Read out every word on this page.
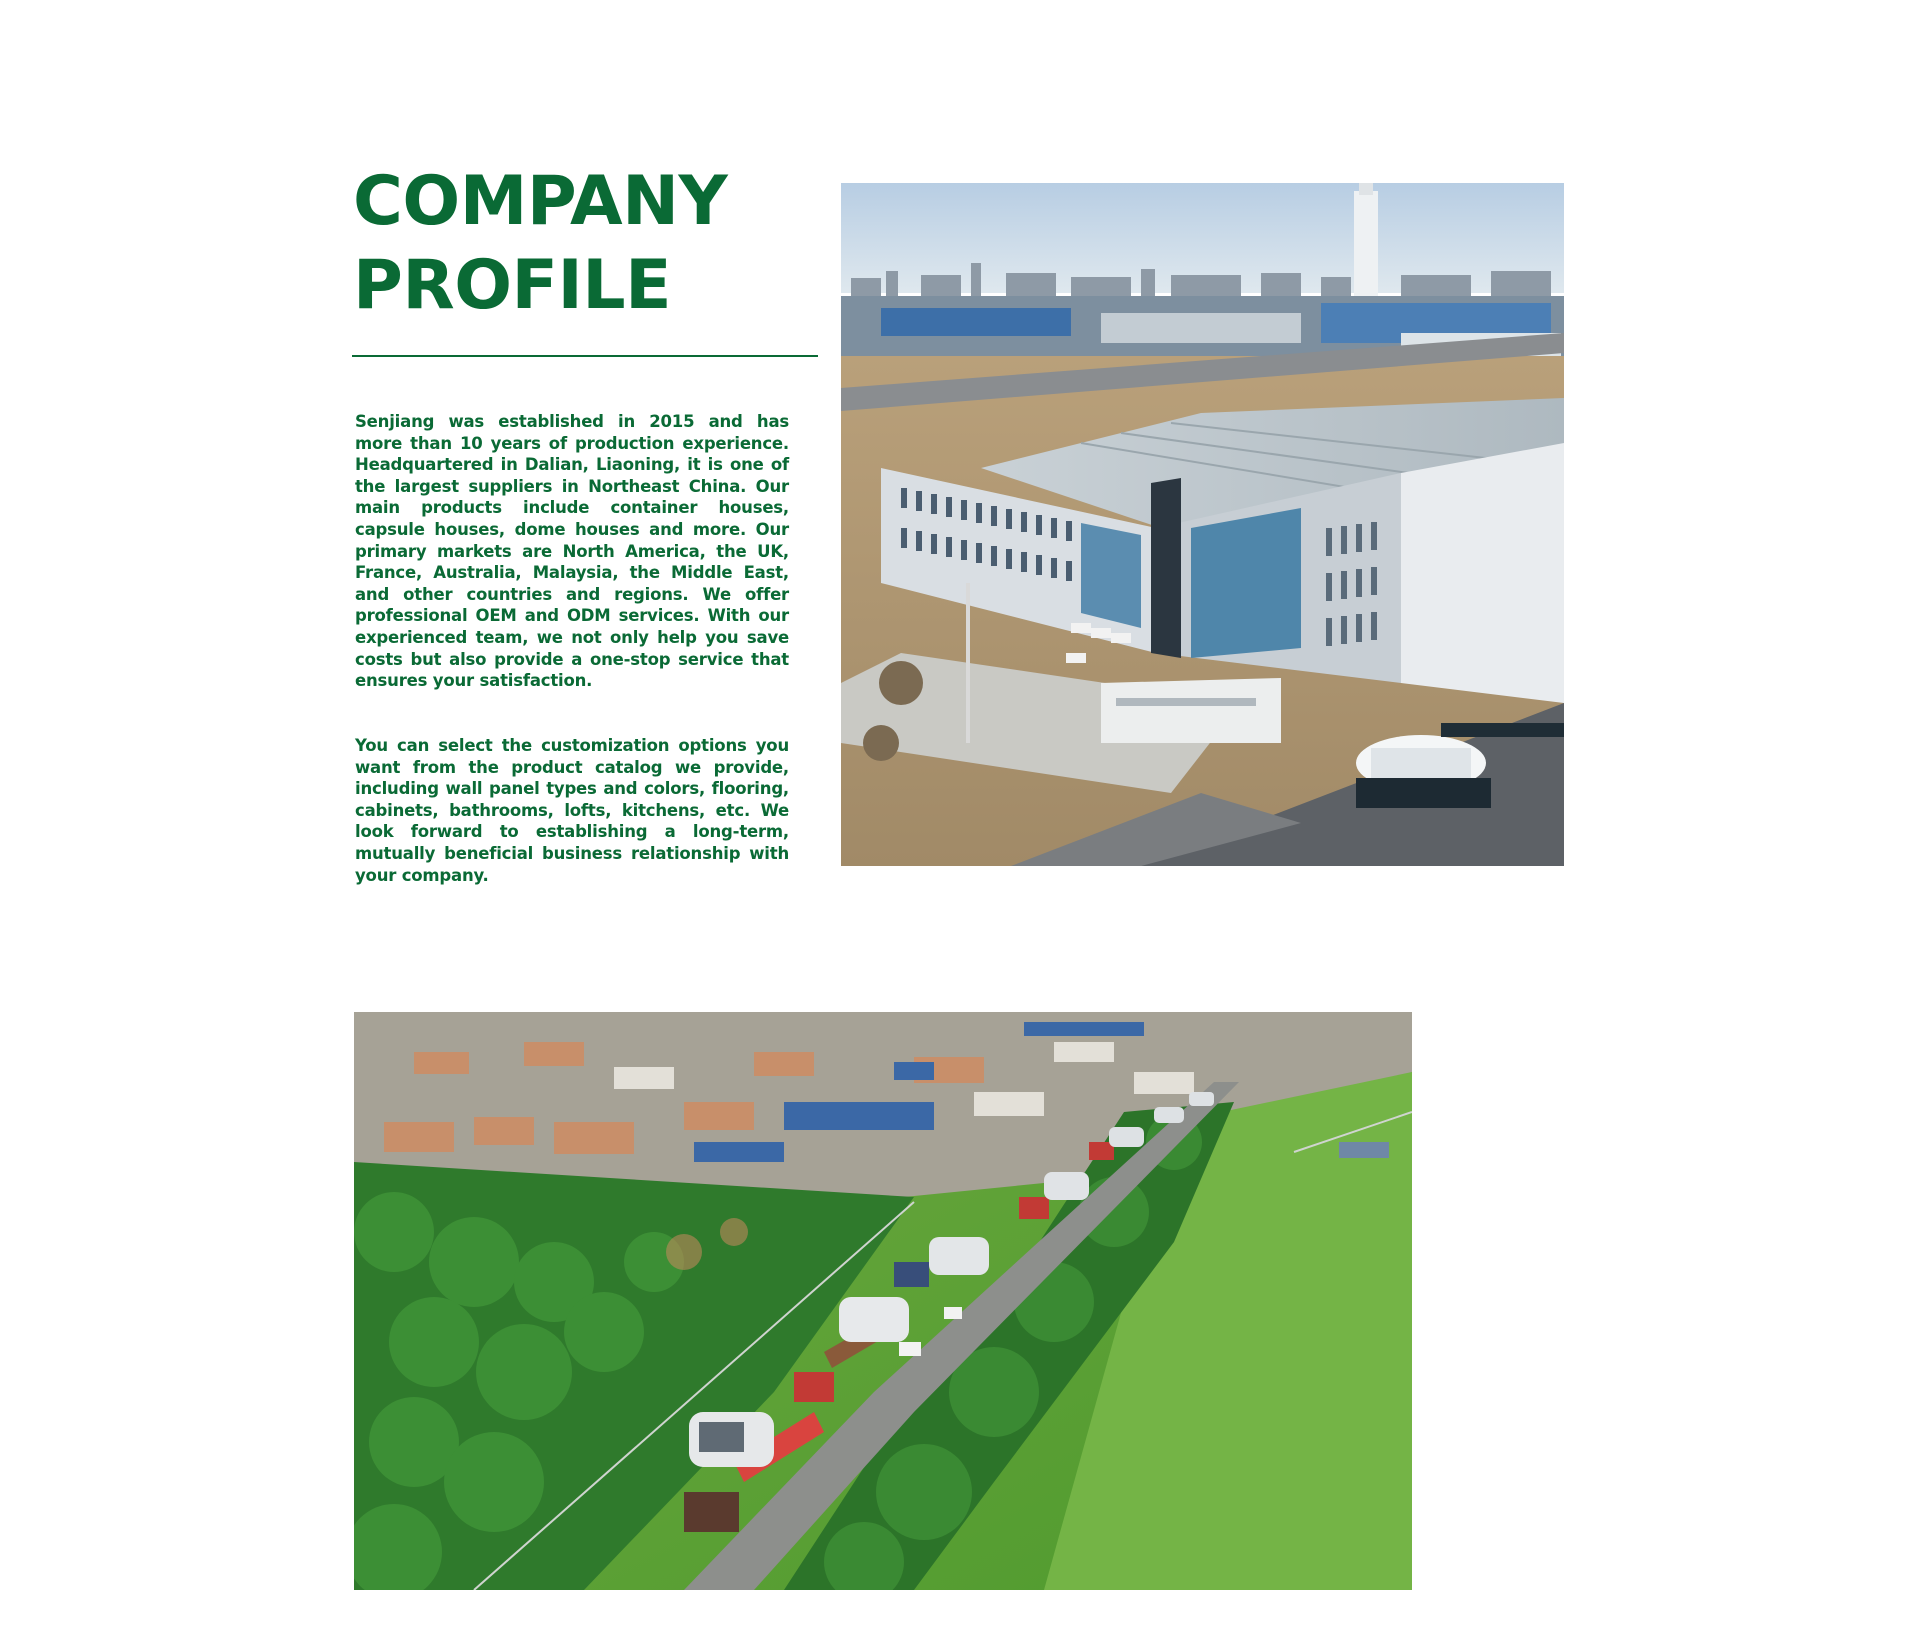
COMPANY
PROFILE

Senjiang was established in 2015 and has more than 10 years of production experience. Headquartered in Dalian, Liaoning, it is one of the largest suppliers in Northeast China. Our main products include container houses, capsule houses, dome houses and more. Our primary markets are North America, the UK, France, Australia, Malaysia, the Middle East, and other countries and regions. We offer professional OEM and ODM services. With our experienced team, we not only help you save costs but also provide a one-stop service that ensures your satisfaction.

You can select the customization options you want from the product catalog we provide, including wall panel types and colors, flooring, cabinets, bathrooms, lofts, kitchens, etc. We look forward to establishing a long-term, mutually beneficial business relationship with your company.
